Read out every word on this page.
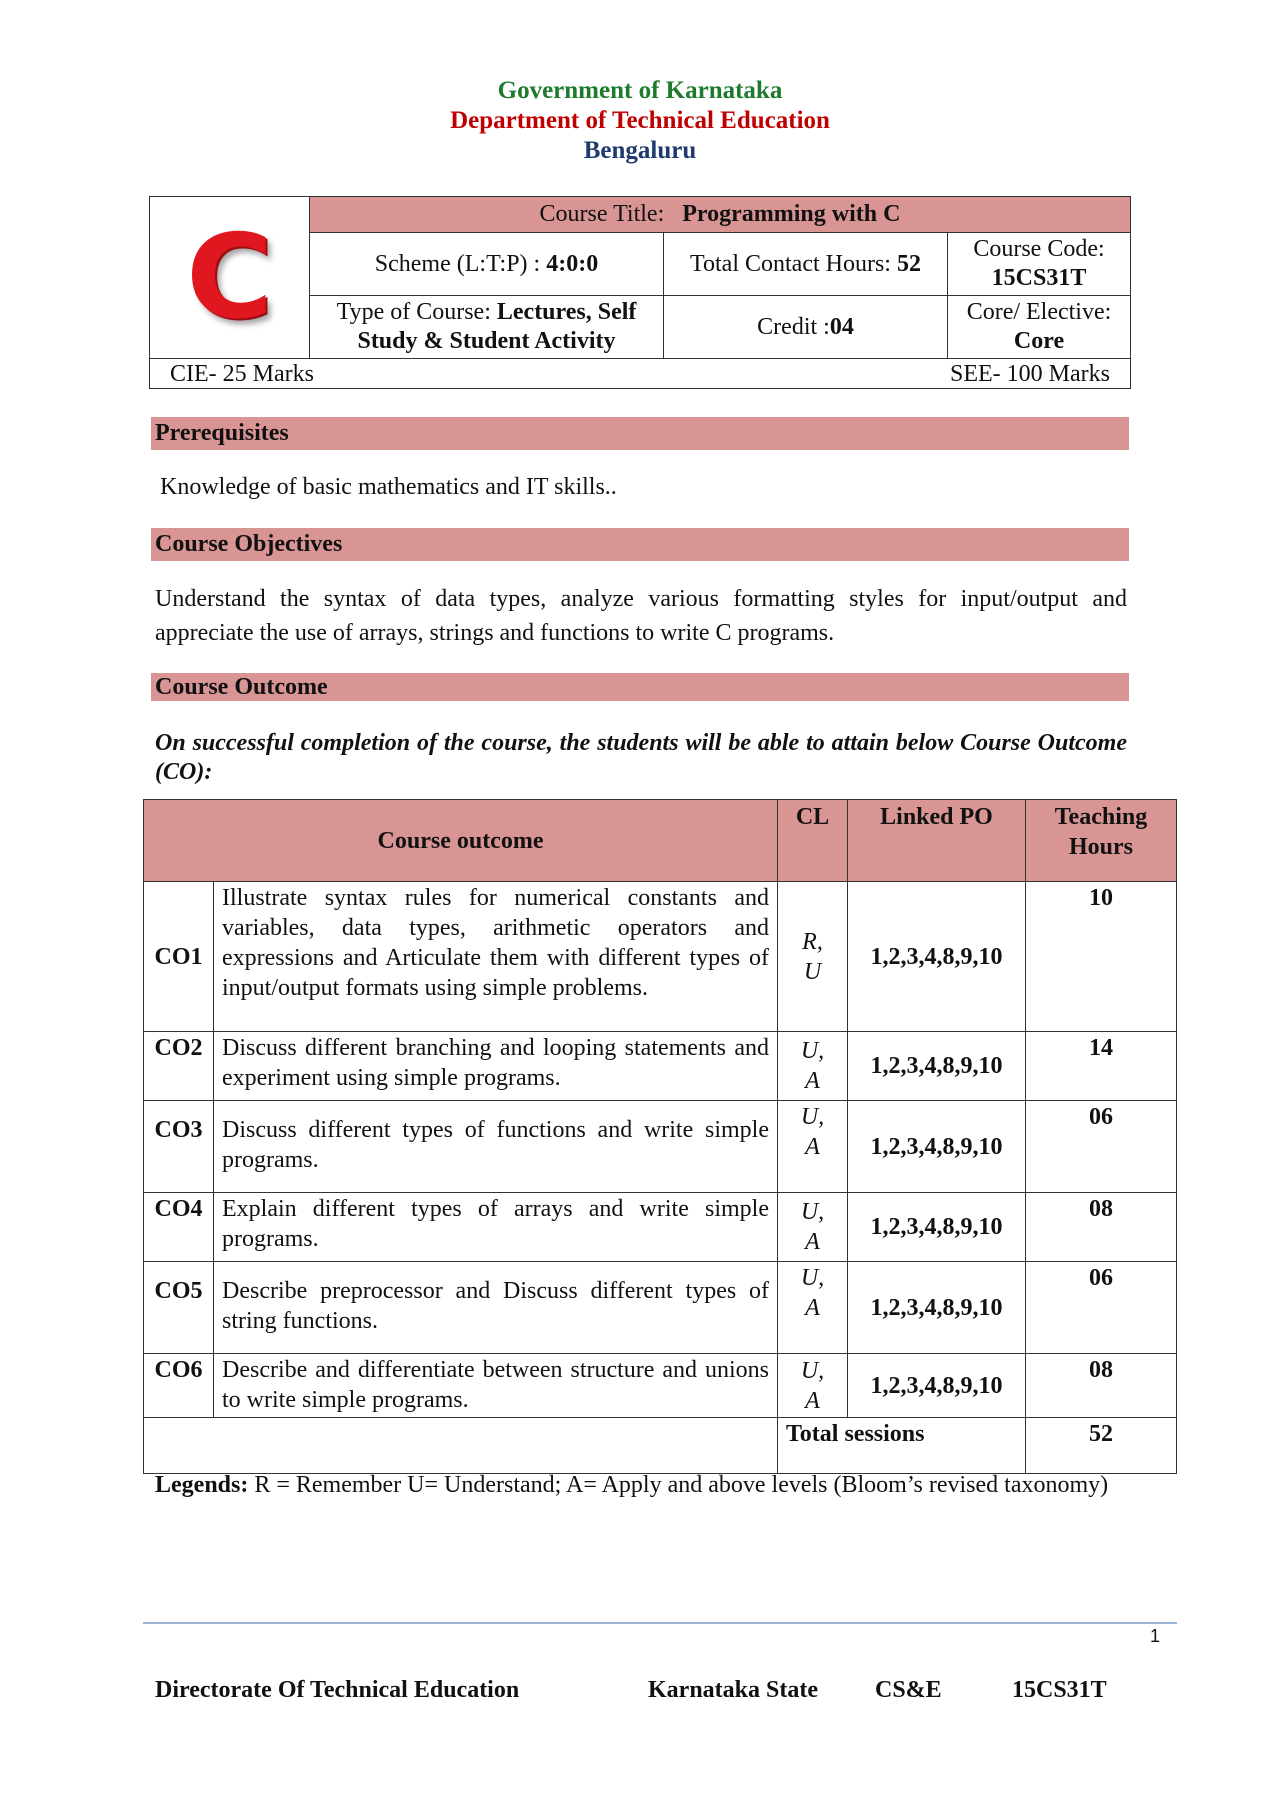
Government of Karnataka
Department of Technical Education
Bengaluru
C	Course Title: Programming with C		
	Scheme (L:T:P) : 4:0:0	Total Contact Hours: 52	Course Code:
15CS31T
	Type of Course: Lectures, Self Study & Student Activity	Credit :04	Core/ Elective:
Core

CIE- 25 Marks SEE- 100 Marks			
Prerequisites
Knowledge of basic mathematics and IT skills..
Course Objectives
Understand the syntax of data types, analyze various formatting styles for input/output and appreciate the use of arrays, strings and functions to write C programs.
Course Outcome
On successful completion of the course, the students will be able to attain below Course Outcome (CO):
Course outcome		CL	Linked PO	Teaching
Hours

CO1	Illustrate syntax rules for numerical constants and variables, data types, arithmetic operators and expressions and Articulate them with different types of input/output formats using simple problems.	R,
U	1,2,3,4,8,9,10	10
CO2	Discuss different branching and looping statements and experiment using simple programs.	U,
A	1,2,3,4,8,9,10	14
CO3	Discuss different types of functions and write simple programs.	U,
A	1,2,3,4,8,9,10	06
CO4	Explain different types of arrays and write simple programs.	U,
A	1,2,3,4,8,9,10	08
CO5	Describe preprocessor and Discuss different types of string functions.	U,
A	1,2,3,4,8,9,10	06
CO6	Describe and differentiate between structure and unions to write simple programs.	U,
A	1,2,3,4,8,9,10	08
		Total sessions		52
Legends: R = Remember U= Understand; A= Apply and above levels (Bloom’s revised taxonomy)
1
Directorate Of Technical Education	Karnataka State CS&E	15CS31T
